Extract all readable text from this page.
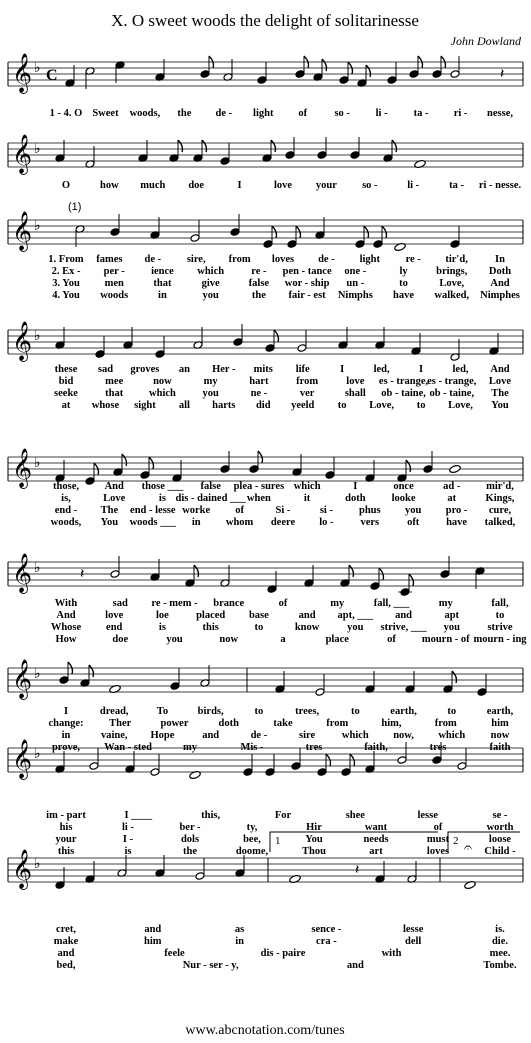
X. O sweet woods the delight of solitarinesse
John Dowland
𝄞 ♭ C	𝄽
𝄞 ♭
𝄞 ♭
(1)
𝄞 ♭
𝄞 ♭
𝄞 ♭	𝄽
𝄞 ♭
𝄞 ♭
𝄞 ♭	𝄽
1	2 𝄐
1 - 4. O Sweet woods, the de - light of	so - li - ta - ri - nesse,
O	how much doe	I	love your so -	li -	ta - ri - nesse.
1. From fames de - sire, from loves de - light re - tir'd,	In
2. Ex - per -	ience which	re - pen - tance one -	ly	brings, Doth
3. You men	that	give	false wor - ship un -	to	Love, And
4. You woods	in	you	the fair - est Nimphs have walked, Nimphes
these sad groves an Her - mits life	I	led,	I	led, And
bid	mee	now	my	hart	from	love es - trange,
es - trange, Love
seeke	that which	you	ne -	ver	shall ob - taine, ob - taine, The
at whose sight all harts did yeeld to Love, to Love, You
those, And those ___ false plea - sures which	I	once	ad - mir'd,
is,	Love	is dis - dained ___ when	it	doth looke	at	Kings,
end - The end - lesse worke of	Si -	si - phus you pro - cure,
woods, You woods ___ in whom deere lo -	vers	oft	have talked,
With	sad re - mem - brance	of	my	fall, ___	my	fall,
And	love	loe	placed base	and apt, ___ and	apt	to
Whose end	is	this	to	know	you strive, ___ you	strive
How	doe	you	now	a	place	of mourn - of mourn - ing
I	dread,	To	birds,	to	trees,	to	earth,	to	earth,
change: Ther	power	doth	take	from	him,	from	him
in	vaine, Hope	and	de -	sire	which now, which now
prove, Wan - sted	my	Mis -	tres	faith,	tres	faith
im - part	I ____	this,	For	shee	lesse	se -
his	li -	ber -	ty,	Hir	want	of	worth
your	I -	dols	bee,	You	needs	must	loose
this	is	the	doome,	Thou	art	loves	Child -
cret,	and	as	sence -	lesse	is.
make	him	in	cra -	dell	die.
and	feele	dis - paire	with	mee.
bed,	Nur - ser - y,	and	Tombe.
www.abcnotation.com/tunes
